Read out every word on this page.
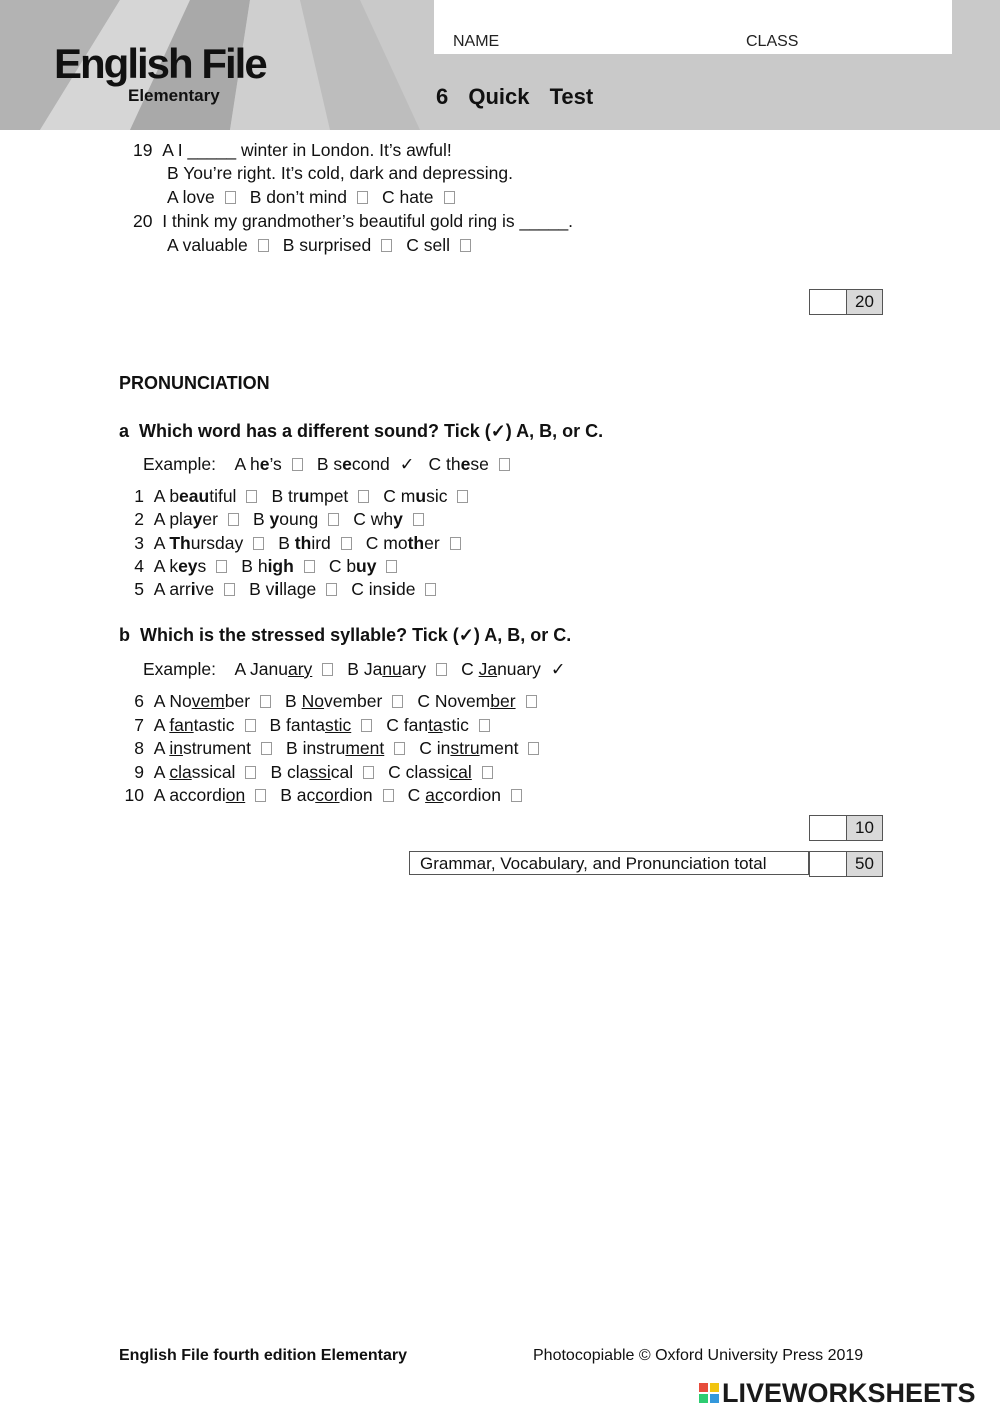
English File
Elementary
NAME	CLASS
6 Quick Test
19 A I _____ winter in London. It’s awful!
B You’re right. It’s cold, dark and depressing.
A love B don’t mind C hate
20 I think my grandmother’s beautiful gold ring is _____.
A valuable B surprised C sell
20
PRONUNCIATION
a Which word has a different sound? Tick (✓) A, B, or C.
Example: A he’s B second ✓ C these
1 A beautiful B trumpet C music
2 A player B young C why
3 A Thursday B third C mother
4 A keys B high C buy
5 A arrive B village C inside
b Which is the stressed syllable? Tick (✓) A, B, or C.
Example: A January B January C January ✓
6 A November B November C November
7 A fantastic B fantastic C fantastic
8 A instrument B instrument C instrument
9 A classical B classical C classical
10 A accordion B accordion C accordion
10
Grammar, Vocabulary, and Pronunciation total	50
English File fourth edition Elementary	Photocopiable © Oxford University Press 2019
LIVEWORKSHEETS
